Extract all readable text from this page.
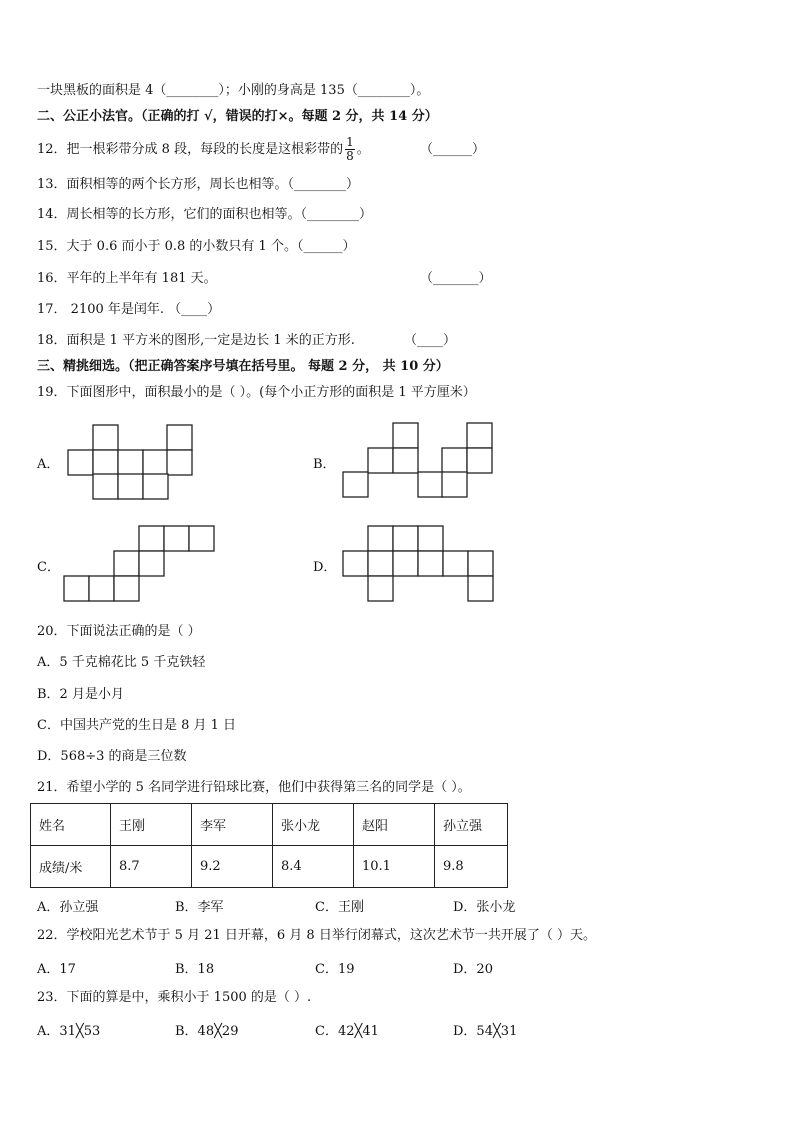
一块黑板的面积是 4（________）；小刚的身高是 135（________）。
二、公正小法官。（正确的打 √，错误的打×。每题 2 分，共 14 分）
12．把一根彩带分成 8 段，每段的长度是这根彩带的 $\frac{1}{8}$ 。	（______）
13．面积相等的两个长方形，周长也相等。（________）
14．周长相等的长方形，它们的面积也相等。（________）
15．大于 0.6 而小于 0.8 的小数只有 1 个。（______）
16．平年的上半年有 181 天。	（_______）
17． 2100 年是闰年. （____）
18．面积是 1 平方米的图形,一定是边长 1 米的正方形.	（____）
三、精挑细选。（把正确答案序号填在括号里。 每题 2 分， 共 10 分）
19．下面图形中，面积最小的是（ ）。(每个小正方形的面积是 1 平方厘米）
A．	B．
C．	D．
20．下面说法正确的是（ ）
A．5 千克棉花比 5 千克铁轻
B．2 月是小月
C．中国共产党的生日是 8 月 1 日
D．568÷3 的商是三位数
21．希望小学的 5 名同学进行铅球比赛，他们中获得第三名的同学是（ ）。
姓名	王刚	李军	张小龙	赵阳	孙立强
成绩/米	8.7	9.2	8.4	10.1	9.8
A．孙立强	B．李军	C．王刚	D．张小龙
22．学校阳光艺术节于 5 月 21 日开幕，6 月 8 日举行闭幕式，这次艺术节一共开展了（ ）天。
A．17	B．18	C．19	D．20
23．下面的算是中，乘积小于 1500 的是（ ）.
A．31╳53	B．48╳29	C．42╳41	D．54╳31
